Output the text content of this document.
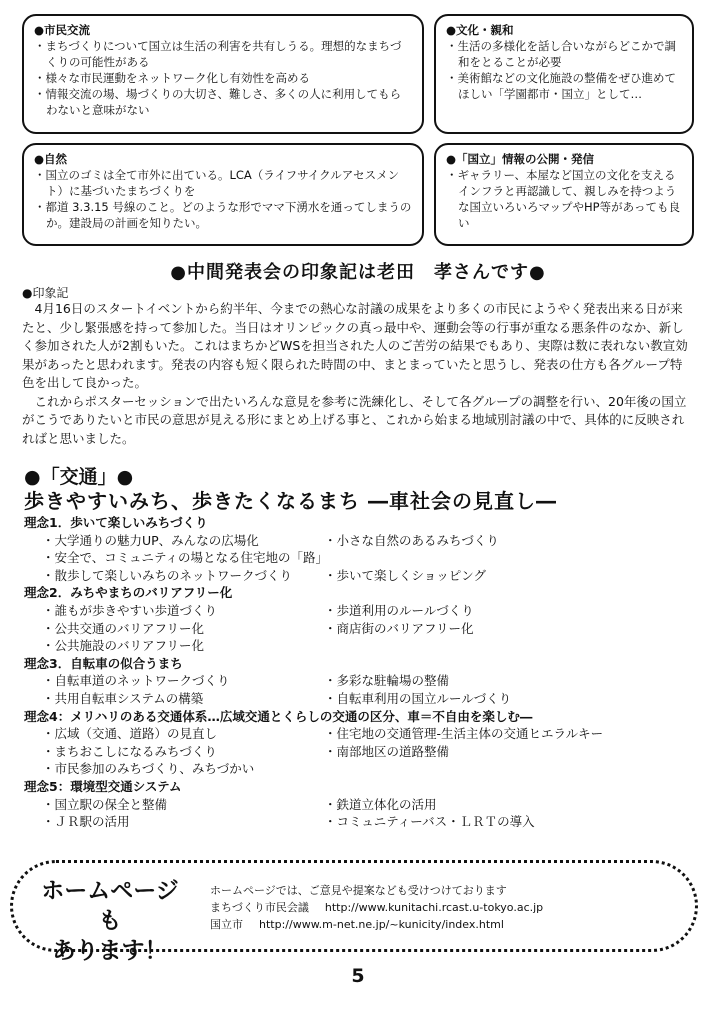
●市民交流
・ まちづくりについて国立は生活の利害を共有しうる。理想的なまちづくりの可能性がある
・ 様々な市民運動をネットワーク化し有効性を高める
・ 情報交流の場、場づくりの大切さ、難しさ、多くの人に利用してもらわないと意味がない
●文化・親和
・ 生活の多様化を話し合いながらどこかで調和をとることが必要
・ 美術館などの文化施設の整備をぜひ進めてほしい「学園都市・国立」として…
●自然
・ 国立のゴミは全て市外に出ている。LCA（ライフサイクルアセスメント）に基づいたまちづくりを
・ 都道 3.3.15 号線のこと。どのような形でママ下湧水を通ってしまうのか。建設局の計画を知りたい。
●「国立」情報の公開・発信
・ ギャラリー、本屋など国立の文化を支えるインフラと再認識して、親しみを持つような国立いろいろマップやHP等があっても良い
●中間発表会の印象記は老田　孝さんです●
●印象記

4月16日のスタートイベントから約半年、今までの熱心な討議の成果をより多くの市民にようやく発表出来る日が来たと、少し緊張感を持って参加した。当日はオリンピックの真っ最中や、運動会等の行事が重なる悪条件のなか、新しく参加された人が2割もいた。これはまちかどWSを担当された人のご苦労の結果でもあり、実際は数に表れない教宣効果があったと思われます。発表の内容も短く限られた時間の中、まとまっていたと思うし、発表の仕方も各グループ特色を出して良かった。

これからポスターセッションで出たいろんな意見を参考に洗練化し、そして各グループの調整を行い、20年後の国立がこうでありたいと市民の意思が見える形にまとめ上げる事と、これから始まる地域別討議の中で、具体的に反映されればと思いました。

●「交通」●
歩きやすいみち、歩きたくなるまち ―車社会の見直し―
理念1．歩いて楽しいみちづくり
・大学通りの魅力UP、みんなの広場化	・小さな自然のあるみちづくり
・安全で、コミュニティの場となる住宅地の「路」
・散歩して楽しいみちのネットワークづくり	・歩いて楽しくショッピング
理念2．みちやまちのバリアフリー化
・誰もが歩きやすい歩道づくり	・歩道利用のルールづくり
・公共交通のバリアフリー化	・商店街のバリアフリー化
・公共施設のバリアフリー化
理念3．自転車の似合うまち
・自転車道のネットワークづくり	・多彩な駐輪場の整備
・共用自転車システムの構築	・自転車利用の国立ルールづくり
理念4：メリハリのある交通体系…広域交通とくらしの交通の区分、車＝不自由を楽しむ―
・広域（交通、道路）の見直し	・住宅地の交通管理-生活主体の交通ヒエラルキー
・まちおこしになるみちづくり	・南部地区の道路整備
・市民参加のみちづくり、みちづかい
理念5：環境型交通システム
・国立駅の保全と整備	・鉄道立体化の活用
・ＪＲ駅の活用	・コミュニティーバス・ＬＲＴの導入
ホームページも
あります！
ホームページでは、ご意見や提案なども受けつけております
まちづくり市民会議 http://www.kunitachi.rcast.u-tokyo.ac.jp
国立市 http://www.m-net.ne.jp/~kunicity/index.html
5
